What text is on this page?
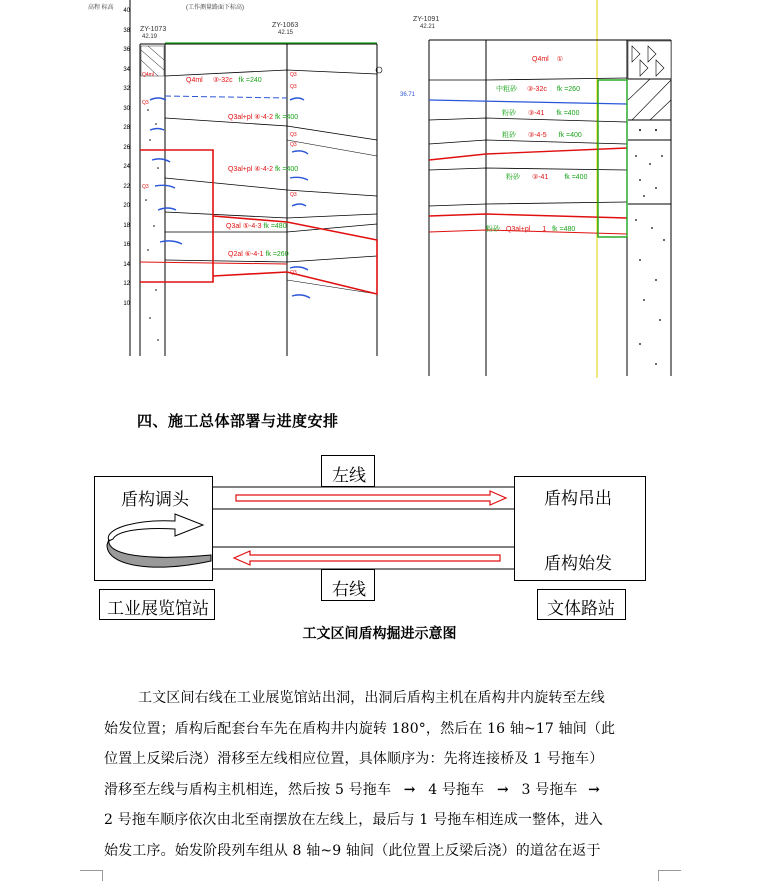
Q4ml
Q3
Q3
Q3
Q3
Q3
Q3
Q3
Q3
40
38
36
34
32
30
28
26
24
22
20
18
16
14
12
10
高程 标高	(工作测量路面下标高)
ZY-1073
42.19
ZY-1063
42.15
ZY-1091
42.21
36.71
Q4ml ③-32c fk =240
Q3al+pl ④-4-2 fk =400
Q3al+pl ④-4-2 fk =400
Q3al ⑤-4-3 fk =480
Q2al ⑥-4-1 fk =260
Q4ml ①
中粗砂 ③-32c fk =260
粉砂 ③-41 fk =400
粗砂 ③-4-5 fk =400
粉砂 ③-41 fk =400
粉砂 Q3al+pl 1 fk =480
四、施工总体部署与进度安排
盾构调头	盾构吊出
盾构始发
左线
右线
工业展览馆站	文体路站
工文区间盾构掘进示意图
工文区间右线在工业展览馆站出洞，出洞后盾构主机在盾构井内旋转至左线
始发位置；盾构后配套台车先在盾构井内旋转 180°，然后在 16 轴~17 轴间（此
位置上反梁后浇）滑移至左线相应位置，具体顺序为：先将连接桥及 1 号拖车）
滑移至左线与盾构主机相连，然后按 5 号拖车 → 4 号拖车 → 3 号拖车 →
2 号拖车顺序依次由北至南摆放在左线上，最后与 1 号拖车相连成一整体，进入
始发工序。始发阶段列车组从 8 轴~9 轴间（此位置上反梁后浇）的道岔在返于
